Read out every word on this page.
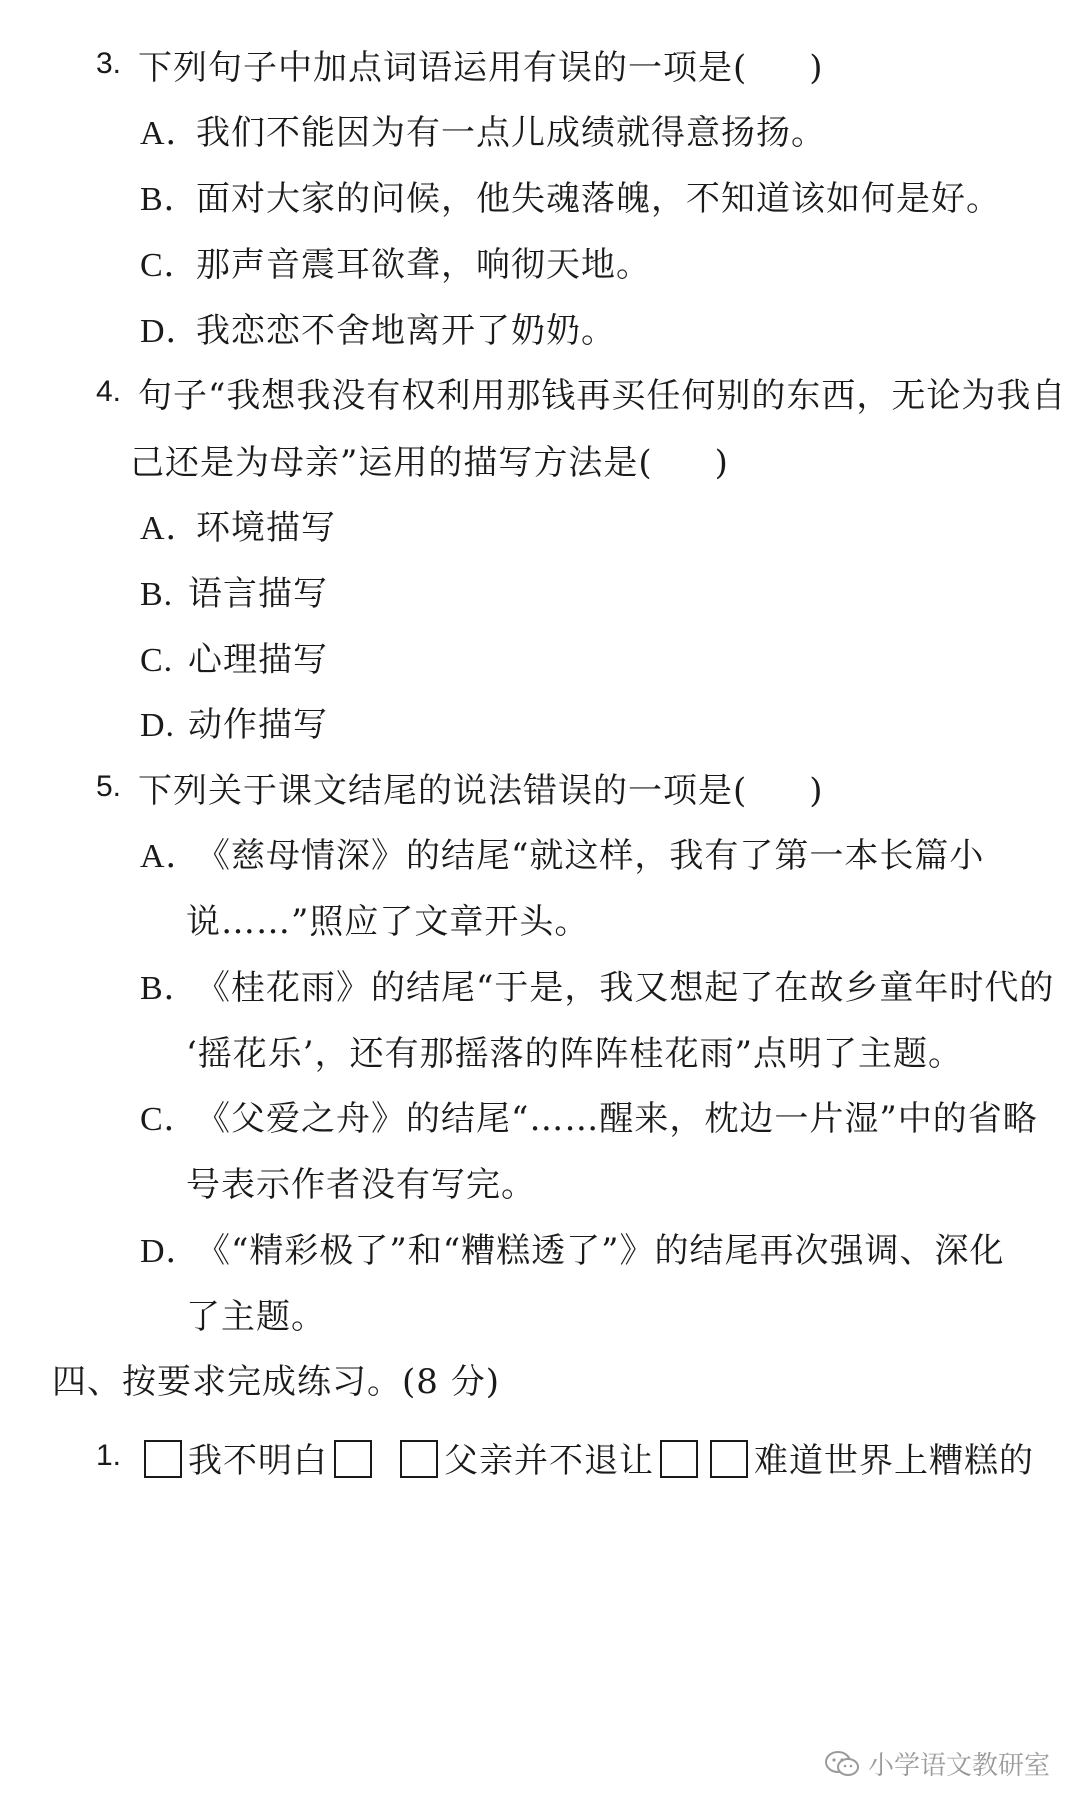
3. 下列句子中加点词语运用有误的一项是( )
A．我们不能因为有一点儿成绩就得意扬扬。
B．面对大家的问候，他失魂落魄，不知道该如何是好。
C．那声音震耳欲聋，响彻天地。
D．我恋恋不舍地离开了奶奶。
4. 句子“我想我没有权利用那钱再买任何别的东西，无论为我自
己还是为母亲”运用的描写方法是( )
A．环境描写
B. 语言描写
C. 心理描写
D. 动作描写
5. 下列关于课文结尾的说法错误的一项是( )
A．《慈母情深》的结尾“就这样，我有了第一本长篇小
说……”照应了文章开头。
B．《桂花雨》的结尾“于是，我又想起了在故乡童年时代的
‘摇花乐’，还有那摇落的阵阵桂花雨”点明了主题。
C．《父爱之舟》的结尾“……醒来，枕边一片湿”中的省略
号表示作者没有写完。
D．《“精彩极了”和“糟糕透了”》的结尾再次强调、深化
了主题。
四、按要求完成练习。(8 分)
1.	我不明白	父亲并不退让	难道世界上糟糕的
小学语文教研室
